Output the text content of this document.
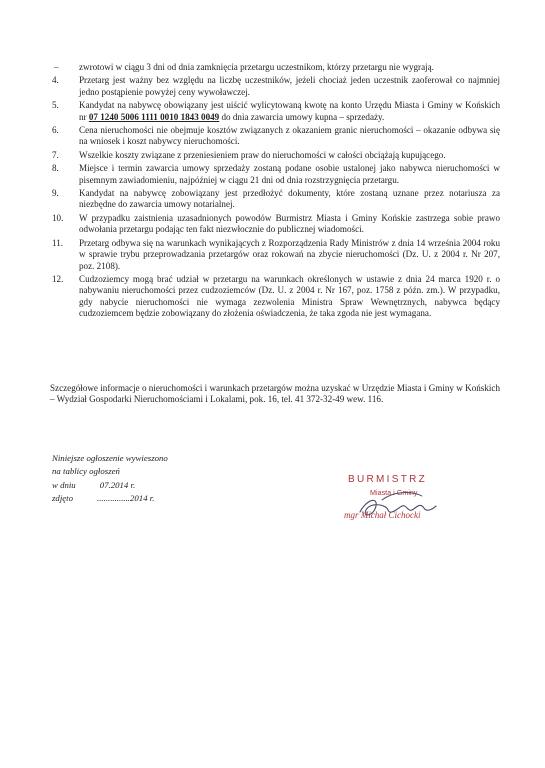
–	zwrotowi w ciągu 3 dni od dnia zamknięcia przetargu uczestnikom, którzy przetargu nie wygrają.
4.	Przetarg jest ważny bez względu na liczbę uczestników, jeżeli chociaż jeden uczestnik zaoferował co najmniej jedno postąpienie powyżej ceny wywoławczej.
5.	Kandydat na nabywcę obowiązany jest uiścić wylicytowaną kwotę na konto Urzędu Miasta i Gminy w Końskich nr 07 1240 5006 1111 0010 1843 0049 do dnia zawarcia umowy kupna – sprzedaży.
6.	Cena nieruchomości nie obejmuje kosztów związanych z okazaniem granic nieruchomości – okazanie odbywa się na wniosek i koszt nabywcy nieruchomości.
7.	Wszelkie koszty związane z przeniesieniem praw do nieruchomości w całości obciążają kupującego.
8.	Miejsce i termin zawarcia umowy sprzedaży zostaną podane osobie ustalonej jako nabywca nieruchomości w pisemnym zawiadomieniu, najpóźniej w ciągu 21 dni od dnia rozstrzygnięcia przetargu.
9.	Kandydat na nabywcę zobowiązany jest przedłożyć dokumenty, które zostaną uznane przez notariusza za niezbędne do zawarcia umowy notarialnej.
10.	W przypadku zaistnienia uzasadnionych powodów Burmistrz Miasta i Gminy Końskie zastrzega sobie prawo odwołania przetargu podając ten fakt niezwłocznie do publicznej wiadomości.
11.	Przetarg odbywa się na warunkach wynikających z Rozporządzenia Rady Ministrów z dnia 14 września 2004 roku w sprawie trybu przeprowadzania przetargów oraz rokowań na zbycie nieruchomości (Dz. U. z 2004 r. Nr 207, poz. 2108).
12.	Cudzoziemcy mogą brać udział w przetargu na warunkach określonych w ustawie z dnia 24 marca 1920 r. o nabywaniu nieruchomości przez cudzoziemców (Dz. U. z 2004 r. Nr 167, poz. 1758 z późn. zm.). W przypadku, gdy nabycie nieruchomości nie wymaga zezwolenia Ministra Spraw Wewnętrznych, nabywca będący cudzoziemcem będzie zobowiązany do złożenia oświadczenia, że taka zgoda nie jest wymagana.
Szczegółowe informacje o nieruchomości i warunkach przetargów można uzyskać w Urzędzie Miasta i Gminy w Końskich – Wydział Gospodarki Nieruchomościami i Lokalami, pok. 16, tel. 41 372-32-49 wew. 116.
Niniejsze ogłoszenie wywieszono
na tablicy ogłoszeń
w dniu	07.2014 r.
zdjęto	...............2014 r.
BURMISTRZ
Miasta i Gminy
mgr Michał Cichocki
